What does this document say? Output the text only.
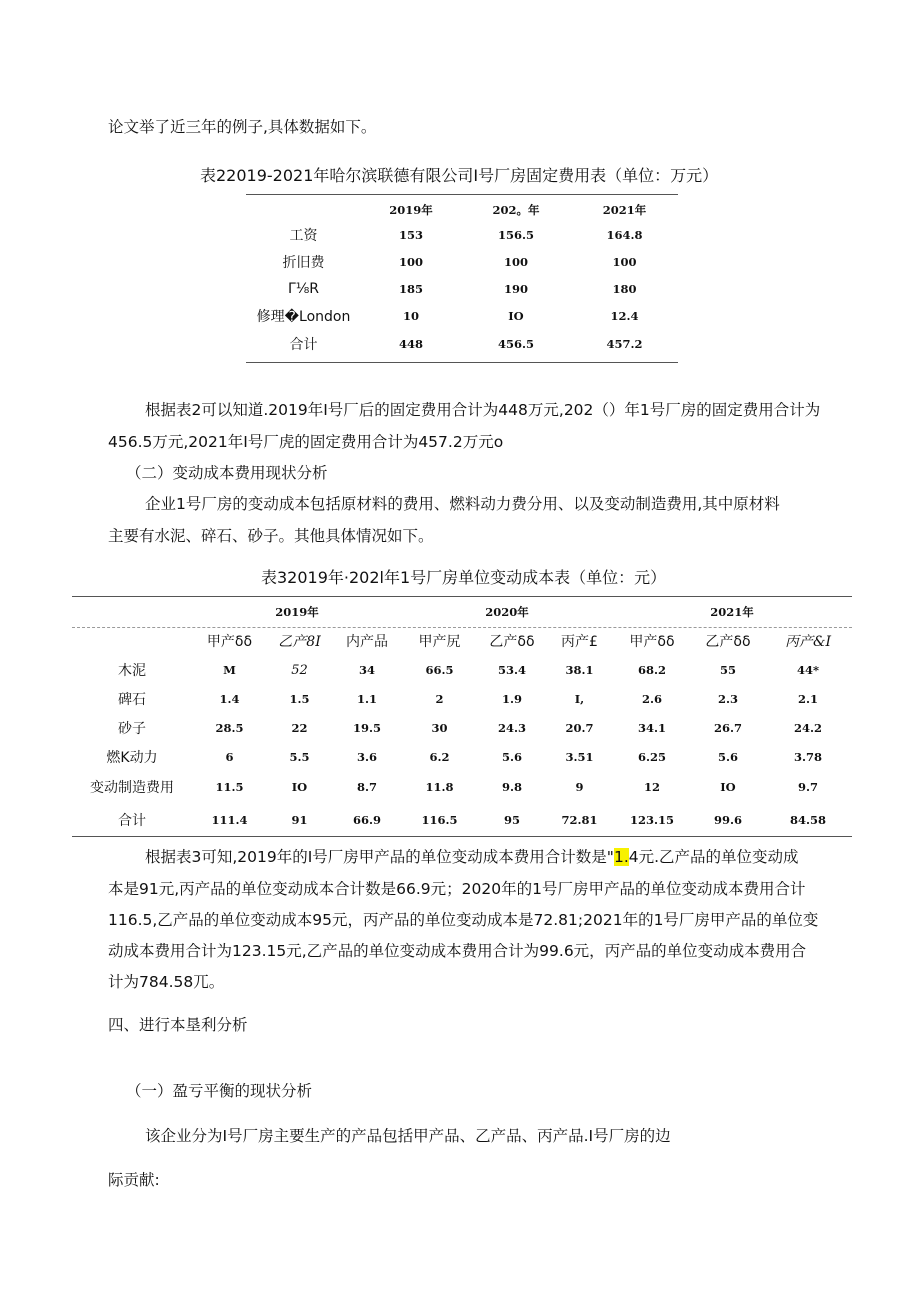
论文举了近三年的例子,具体数据如下。
表22019-2021年哈尔滨联德有限公司I号厂房固定费用表（单位：万元）
	2019年	202。年	2021年
工资	153	156.5	164.8
折旧费	100	100	100
Γ⅛R	185	190	180
修理�London	10	IO	12.4
合计	448	456.5	457.2
根据表2可以知道.2019年I号厂后的固定费用合计为448万元,202（）年1号厂房的固定费用合计为
456.5万元,2021年I号厂虎的固定费用合计为457.2万元o
（二）变动成本费用现状分析
企业1号厂房的变动成本包括原材料的费用、燃料动力费分用、以及变动制造费用,其中原材料
主要有水泥、碎石、砂子。其他具体情况如下。
表32019年·202l年1号厂房单位变动成本表（单位：元）
	2019年			2020年			2021年		
	甲产δδ	乙产8I	内产品	甲产尻	乙产δδ	丙产£	甲产δδ	乙产δδ	丙产&I
木泥	M	52	34	66.5	53.4	38.1	68.2	55	44*
碑石	1.4	1.5	1.1	2	1.9	I,	2.6	2.3	2.1
砂子	28.5	22	19.5	30	24.3	20.7	34.1	26.7	24.2
燃K动力	6	5.5	3.6	6.2	5.6	3.51	6.25	5.6	3.78
变动制造费用	11.5	IO	8.7	11.8	9.8	9	12	IO	9.7
合计	111.4	91	66.9	116.5	95	72.81	123.15	99.6	84.58
根据表3可知,2019年的I号厂房甲产品的单位变动成本费用合计数是"1.4元.乙产品的单位变动成
本是91元,丙产品的单位变动成本合计数是66.9元；2020年的1号厂房甲产品的单位变动成本费用合计
116.5,乙产品的单位变动成本95元，丙产品的单位变动成本是72.81;2021年的1号厂房甲产品的单位变
动成本费用合计为123.15元,乙产品的单位变动成本费用合计为99.6元，丙产品的单位变动成本费用合
计为784.58兀。
四、进行本垦利分析
（一）盈亏平衡的现状分析
该企业分为I号厂房主要生产的产品包括甲产品、乙产品、丙产品.I号厂房的边
际贡献:
